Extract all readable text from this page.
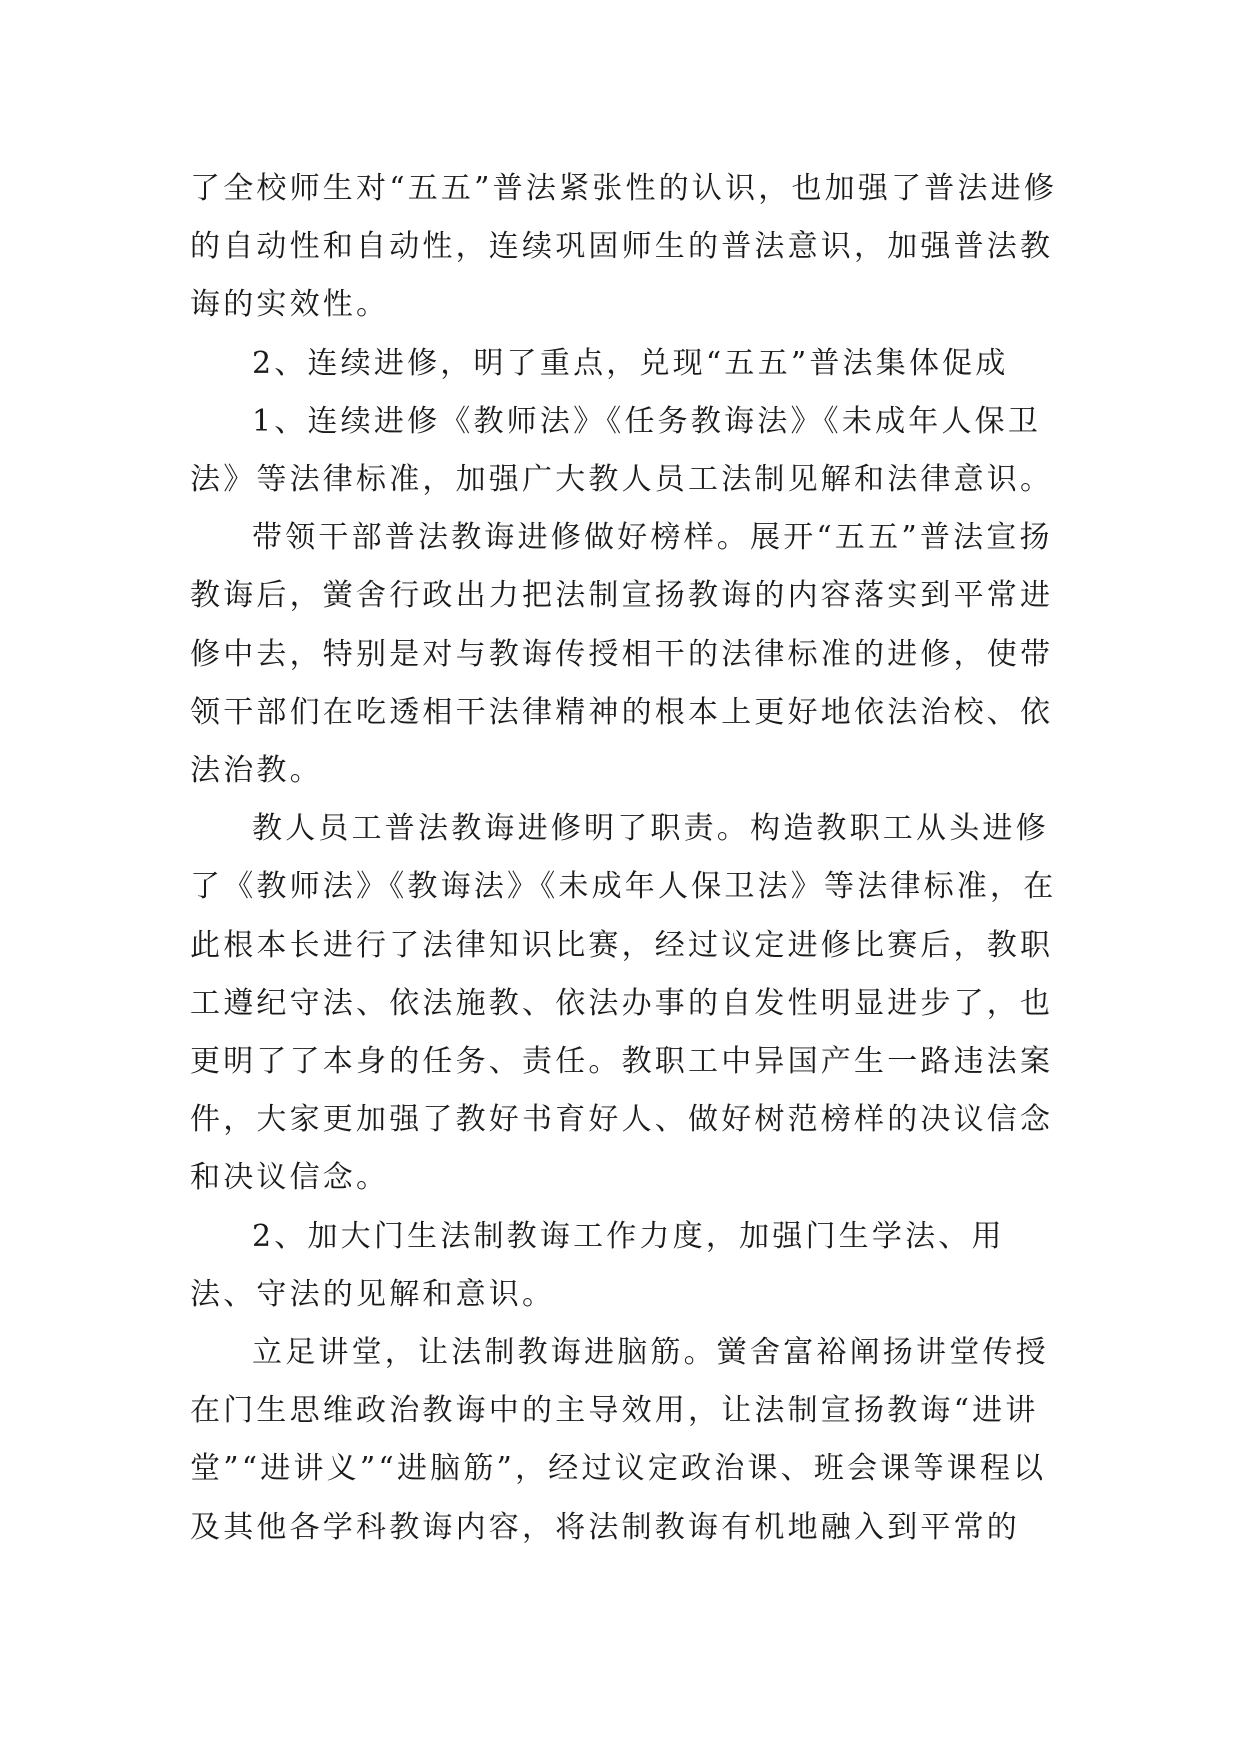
了全校师生对“五五”普法紧张性的认识，也加强了普法进修的自动性和自动性，连续巩固师生的普法意识，加强普法教诲的实效性。

2、连续进修，明了重点，兑现“五五”普法集体促成

1、连续进修《教师法》《任务教诲法》《未成年人保卫法》等法律标准，加强广大教人员工法制见解和法律意识。

带领干部普法教诲进修做好榜样。展开“五五”普法宣扬教诲后，黉舍行政出力把法制宣扬教诲的内容落实到平常进修中去，特别是对与教诲传授相干的法律标准的进修，使带领干部们在吃透相干法律精神的根本上更好地依法治校、依法治教。

教人员工普法教诲进修明了职责。构造教职工从头进修了《教师法》《教诲法》《未成年人保卫法》等法律标准，在此根本长进行了法律知识比赛，经过议定进修比赛后，教职工遵纪守法、依法施教、依法办事的自发性明显进步了，也更明了了本身的任务、责任。教职工中异国产生一路违法案件，大家更加强了教好书育好人、做好树范榜样的决议信念和决议信念。

2、加大门生法制教诲工作力度，加强门生学法、用法、守法的见解和意识。

立足讲堂，让法制教诲进脑筋。黉舍富裕阐扬讲堂传授在门生思维政治教诲中的主导效用，让法制宣扬教诲“进讲堂”“进讲义”“进脑筋”，经过议定政治课、班会课等课程以及其他各学科教诲内容，将法制教诲有机地融入到平常的
